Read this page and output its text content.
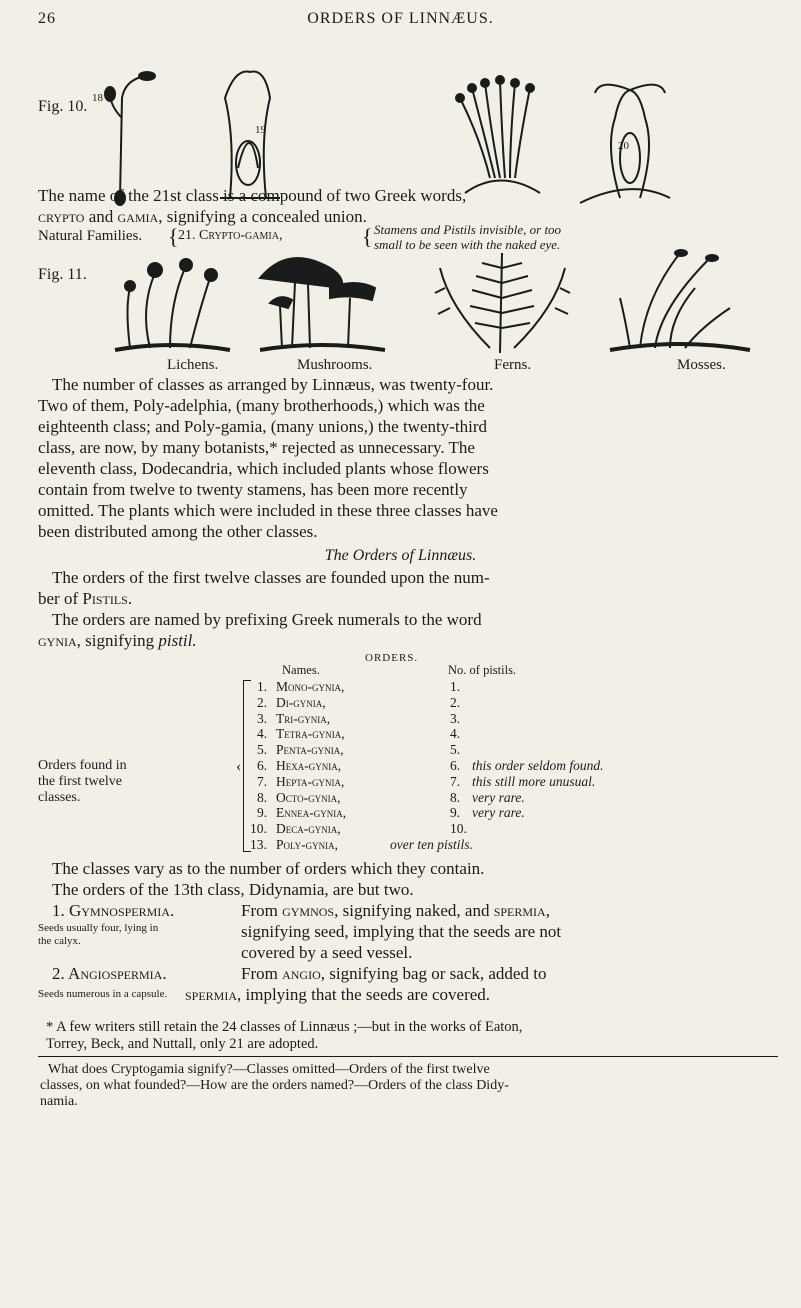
26	ORDERS OF LINNÆUS.
Fig. 10. 18
19
20
The name of the 21st class is a compound of two Greek words,
crypto and gamia, signifying a concealed union.
Natural Families.	21. Crypto-gamia,
{	{ Stamens and Pistils invisible, or too
small to be seen with the naked eye.
Fig. 11.
Lichens.	Mushrooms.	Ferns.	Mosses.
The number of classes as arranged by Linnæus, was twenty-four.
Two of them, Poly-adelphia, (many brotherhoods,) which was the
eighteenth class; and Poly-gamia, (many unions,) the twenty-third
class, are now, by many botanists,* rejected as unnecessary. The
eleventh class, Dodecandria, which included plants whose flowers
contain from twelve to twenty stamens, has been more recently
omitted. The plants which were included in these three classes have
been distributed among the other classes.
The Orders of Linnæus.
The orders of the first twelve classes are founded upon the num-
ber of Pistils.
The orders are named by prefixing Greek numerals to the word
gynia, signifying pistil.
ORDERS.
Names.	No. of pistils.
Orders found in
the first twelve
classes.
‹
1. Mono-gynia,	1.
2. Di-gynia,	2.
3. Tri-gynia,	3.
4. Tetra-gynia,	4.
5. Penta-gynia,	5.
6. Hexa-gynia,	6. this order seldom found.
7. Hepta-gynia,	7. this still more unusual.
8. Octo-gynia,	8. very rare.
9. Ennea-gynia,	9. very rare.
10. Deca-gynia,	10.
13. Poly-gynia,	over ten pistils.
The classes vary as to the number of orders which they contain.
The orders of the 13th class, Didynamia, are but two.
1. Gymnospermia.	From gymnos, signifying naked, and spermia,
signifying seed, implying that the seeds are not
covered by a seed vessel.
Seeds usually four, lying in
the calyx.
2. Angiospermia.	From angio, signifying bag or sack, added to
Seeds numerous in a capsule. spermia, implying that the seeds are covered.
* A few writers still retain the 24 classes of Linnæus ;—but in the works of Eaton,
Torrey, Beck, and Nuttall, only 21 are adopted.
What does Cryptogamia signify?—Classes omitted—Orders of the first twelve
classes, on what founded?—How are the orders named?—Orders of the class Didy-
namia.
